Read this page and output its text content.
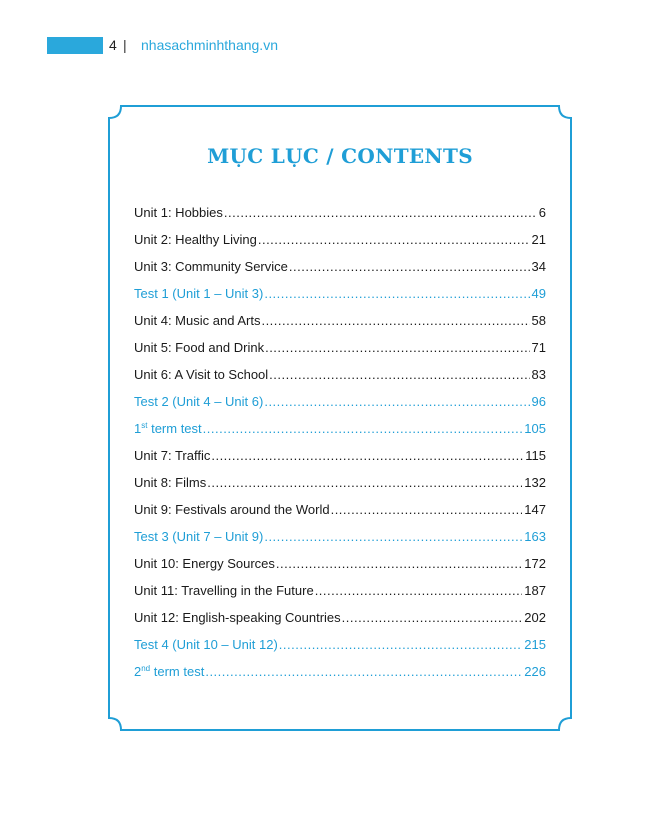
4 | nhasachminhthang.vn
MỤC LỤC / CONTENTS
Unit 1: Hobbies .....	6
Unit 2: Healthy Living .....	21
Unit 3: Community Service .....	34
Test 1 (Unit 1 – Unit 3) .....	49
Unit 4: Music and Arts .....	58
Unit 5: Food and Drink .....	71
Unit 6: A Visit to School .....	83
Test 2 (Unit 4 – Unit 6) .....	96
1st term test .....	105
Unit 7: Traffic .....	115
Unit 8: Films .....	132
Unit 9: Festivals around the World .....	147
Test 3 (Unit 7 – Unit 9) .....	163
Unit 10: Energy Sources .....	172
Unit 11: Travelling in the Future .....	187
Unit 12: English-speaking Countries .....	202
Test 4 (Unit 10 – Unit 12) .....	215
2nd term test .....	226
